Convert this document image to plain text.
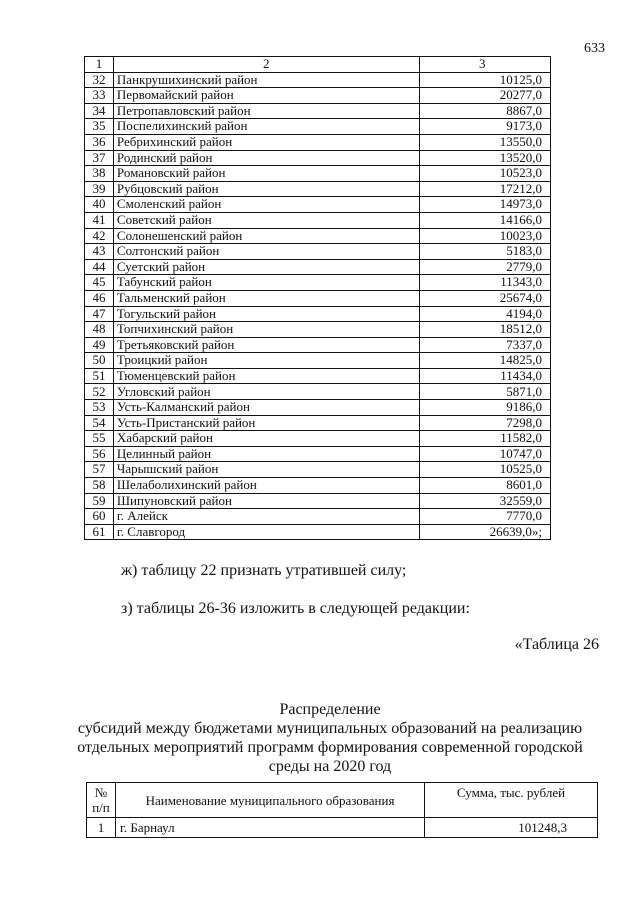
633
1	2	3
32	Панкрушихинский район	10125,0
33	Первомайский район	20277,0
34	Петропавловский район	8867,0
35	Поспелихинский район	9173,0
36	Ребрихинский район	13550,0
37	Родинский район	13520,0
38	Романовский район	10523,0
39	Рубцовский район	17212,0
40	Смоленский район	14973,0
41	Советский район	14166,0
42	Солонешенский район	10023,0
43	Солтонский район	5183,0
44	Суетский район	2779,0
45	Табунский район	11343,0
46	Тальменский район	25674,0
47	Тогульский район	4194,0
48	Топчихинский район	18512,0
49	Третьяковский район	7337,0
50	Троицкий район	14825,0
51	Тюменцевский район	11434,0
52	Угловский район	5871,0
53	Усть-Калманский район	9186,0
54	Усть-Пристанский район	7298,0
55	Хабарский район	11582,0
56	Целинный район	10747,0
57	Чарышский район	10525,0
58	Шелаболихинский район	8601,0
59	Шипуновский район	32559,0
60	г. Алейск	7770,0
61	г. Славгород	26639,0»;
ж) таблицу 22 признать утратившей силу;
з) таблицы 26-36 изложить в следующей редакции:
«Таблица 26
Распределение
субсидий между бюджетами муниципальных образований на реализацию
отдельных мероприятий программ формирования современной городской
среды на 2020 год
№ п/п	Наименование муниципального образования	Сумма, тыс. рублей
1	г. Барнаул	101248,3
